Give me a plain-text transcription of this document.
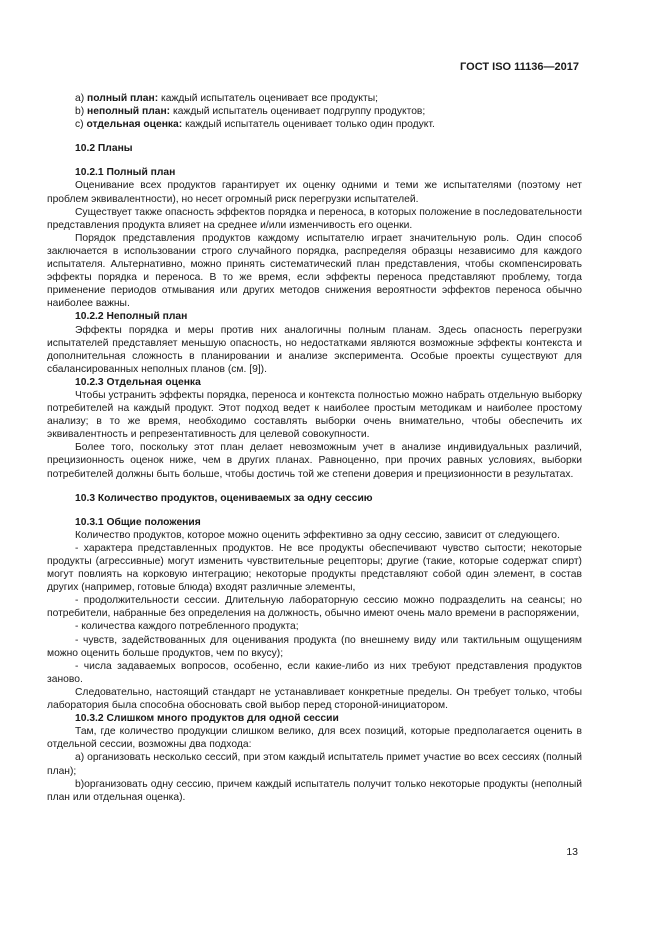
ГОСТ ISO 11136—2017

а) полный план: каждый испытатель оценивает все продукты;

b) неполный план: каждый испытатель оценивает подгруппу продуктов;

c) отдельная оценка: каждый испытатель оценивает только один продукт.

10.2 Планы

10.2.1 Полный план

Оценивание всех продуктов гарантирует их оценку одними и теми же испытателями (поэтому нет проблем эквивалентности), но несет огромный риск перегрузки испытателей.

Существует также опасность эффектов порядка и переноса, в которых положение в последовательности представления продукта влияет на среднее и/или изменчивость его оценки.

Порядок представления продуктов каждому испытателю играет значительную роль. Один способ заключается в использовании строго случайного порядка, распределяя образцы независимо для каждого испытателя. Альтернативно, можно принять систематический план представления, чтобы скомпенсировать эффекты порядка и переноса. В то же время, если эффекты переноса представляют проблему, тогда применение периодов отмывания или других методов снижения вероятности эффектов переноса обычно наиболее важны.

10.2.2 Неполный план

Эффекты порядка и меры против них аналогичны полным планам. Здесь опасность перегрузки испытателей представляет меньшую опасность, но недостатками являются возможные эффекты контекста и дополнительная сложность в планировании и анализе эксперимента. Особые проекты существуют для сбалансированных неполных планов (см. [9]).

10.2.3 Отдельная оценка

Чтобы устранить эффекты порядка, переноса и контекста полностью можно набрать отдельную выборку потребителей на каждый продукт. Этот подход ведет к наиболее простым методикам и наиболее простому анализу; в то же время, необходимо составлять выборки очень внимательно, чтобы обеспечить их эквивалентность и репрезентативность для целевой совокупности.

Более того, поскольку этот план делает невозможным учет в анализе индивидуальных различий, прецизионность оценок ниже, чем в других планах. Равноценно, при прочих равных условиях, выборки потребителей должны быть больше, чтобы достичь той же степени доверия и прецизионности в результатах.

10.3 Количество продуктов, оцениваемых за одну сессию

10.3.1 Общие положения

Количество продуктов, которое можно оценить эффективно за одну сессию, зависит от следующего.

- характера представленных продуктов. Не все продукты обеспечивают чувство сытости; некоторые продукты (агрессивные) могут изменить чувствительные рецепторы; другие (такие, которые содержат спирт) могут повлиять на корковую интеграцию; некоторые продукты представляют собой один элемент, в состав других (например, готовые блюда) входят различные элементы,

- продолжительности сессии. Длительную лабораторную сессию можно подразделить на сеансы; но потребители, набранные без определения на должность, обычно имеют очень мало времени в распоряжении,

- количества каждого потребленного продукта;

- чувств, задействованных для оценивания продукта (по внешнему виду или тактильным ощущениям можно оценить больше продуктов, чем по вкусу);

- числа задаваемых вопросов, особенно, если какие-либо из них требуют представления продуктов заново.

Следовательно, настоящий стандарт не устанавливает конкретные пределы. Он требует только, чтобы лаборатория была способна обосновать свой выбор перед стороной-инициатором.

10.3.2 Слишком много продуктов для одной сессии

Там, где количество продукции слишком велико, для всех позиций, которые предполагается оценить в отдельной сессии, возможны два подхода:

а) организовать несколько сессий, при этом каждый испытатель примет участие во всех сессиях (полный план);

b)организовать одну сессию, причем каждый испытатель получит только некоторые продукты (неполный план или отдельная оценка).

13
